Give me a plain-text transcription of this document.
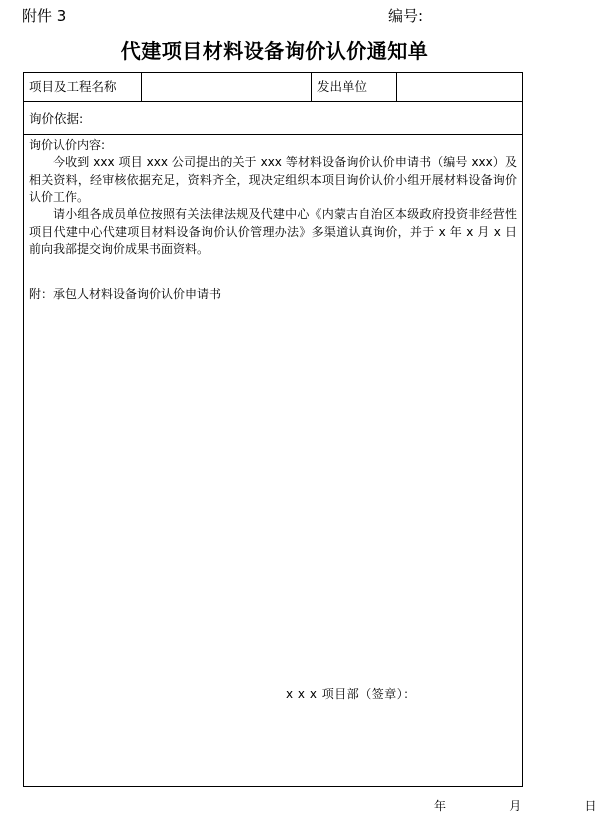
附件 3	编号:
代建项目材料设备询价认价通知单
项目及工程名称	发出单位
询价依据:
询价认价内容:

今收到 xxx 项目 xxx 公司提出的关于 xxx 等材料设备询价认价申请书（编号 xxx）及相关资料，经审核依据充足，资料齐全，现决定组织本项目询价认价小组开展材料设备询价认价工作。

请小组各成员单位按照有关法律法规及代建中心《内蒙古自治区本级政府投资非经营性项目代建中心代建项目材料设备询价认价管理办法》多渠道认真询价，并于 x 年 x 月 x 日前向我部提交询价成果书面资料。

附：承包人材料设备询价认价申请书
x x x 项目部（签章）：
年    月    日
